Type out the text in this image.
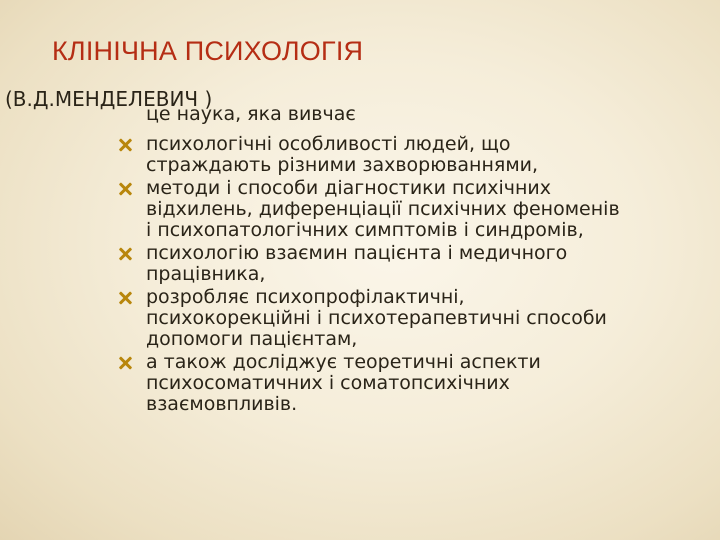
КЛІНІЧНА ПСИХОЛОГІЯ
(В.Д.МЕНДЕЛЕВИЧ )
це наука, яка вивчає
психологічні особливості людей, що
страждають різними захворюваннями,
методи і способи діагностики психічних
відхилень, диференціації психічних феноменів
і психопатологічних симптомів і синдромів,
психологію взаємин пацієнта і медичного
працівника,
розробляє психопрофілактичні,
психокорекційні і психотерапевтичні способи
допомоги пацієнтам,
а також досліджує теоретичні аспекти
психосоматичних і соматопсихічних
взаємовпливів.
